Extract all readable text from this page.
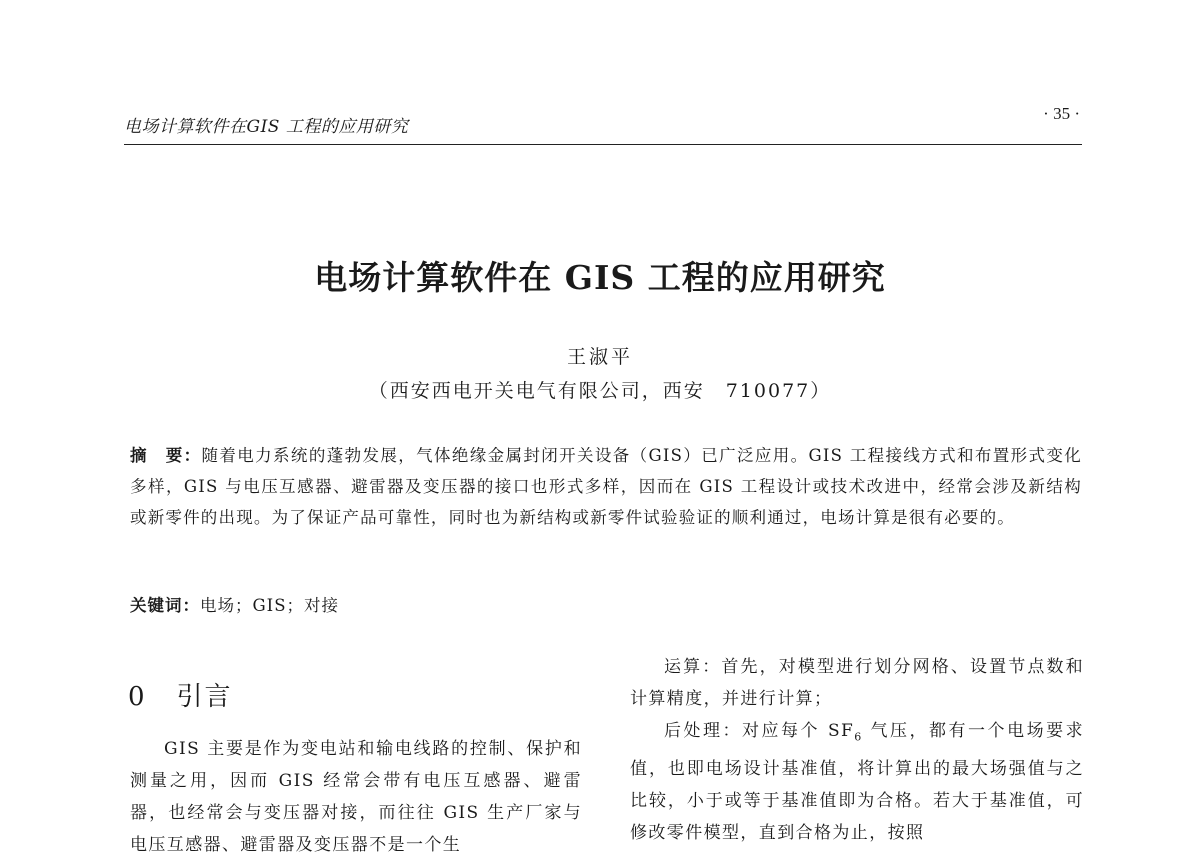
电场计算软件在GIS 工程的应用研究
· 35 ·
电场计算软件在 GIS 工程的应用研究
王淑平
（西安西电开关电气有限公司，西安　710077）

摘　要：随着电力系统的蓬勃发展，气体绝缘金属封闭开关设备（GIS）已广泛应用。GIS 工程接线方式和布置形式变化多样，GIS 与电压互感器、避雷器及变压器的接口也形式多样，因而在 GIS 工程设计或技术改进中，经常会涉及新结构或新零件的出现。为了保证产品可靠性，同时也为新结构或新零件试验验证的顺利通过，电场计算是很有必要的。

关键词：电场；GIS；对接
0 引言

GIS 主要是作为变电站和输电线路的控制、保护和测量之用，因而 GIS 经常会带有电压互感器、避雷器，也经常会与变压器对接，而往往 GIS 生产厂家与电压互感器、避雷器及变压器不是一个生

运算：首先，对模型进行划分网格、设置节点数和计算精度，并进行计算；

后处理：对应每个 $SF_6$ 气压，都有一个电场要求值，也即电场设计基准值，将计算出的最大场强值与之比较，小于或等于基准值即为合格。若大于基准值，可修改零件模型，直到合格为止，按照
